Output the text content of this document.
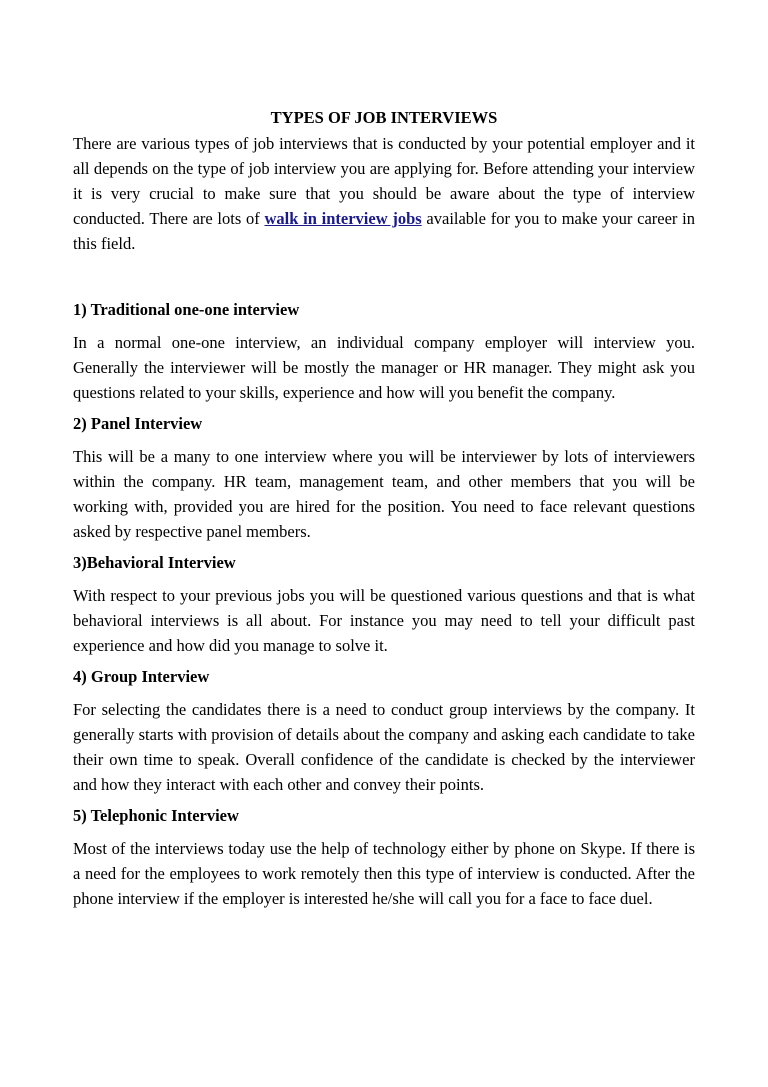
TYPES OF JOB INTERVIEWS

There are various types of job interviews that is conducted by your potential employer and it all depends on the type of job interview you are applying for. Before attending your interview it is very crucial to make sure that you should be aware about the type of interview conducted. There are lots of walk in interview jobs available for you to make your career in this field.

1) Traditional one-one interview

In a normal one-one interview, an individual company employer will interview you. Generally the interviewer will be mostly the manager or HR manager. They might ask you questions related to your skills, experience and how will you benefit the company.

2) Panel Interview

This will be a many to one interview where you will be interviewer by lots of interviewers within the company. HR team, management team, and other members that you will be working with, provided you are hired for the position. You need to face relevant questions asked by respective panel members.

3)Behavioral Interview

With respect to your previous jobs you will be questioned various questions and that is what behavioral interviews is all about. For instance you may need to tell your difficult past experience and how did you manage to solve it.

4) Group Interview

For selecting the candidates there is a need to conduct group interviews by the company. It generally starts with provision of details about the company and asking each candidate to take their own time to speak. Overall confidence of the candidate is checked by the interviewer and how they interact with each other and convey their points.

5) Telephonic Interview

Most of the interviews today use the help of technology either by phone on Skype. If there is a need for the employees to work remotely then this type of interview is conducted. After the phone interview if the employer is interested he/she will call you for a face to face duel.
